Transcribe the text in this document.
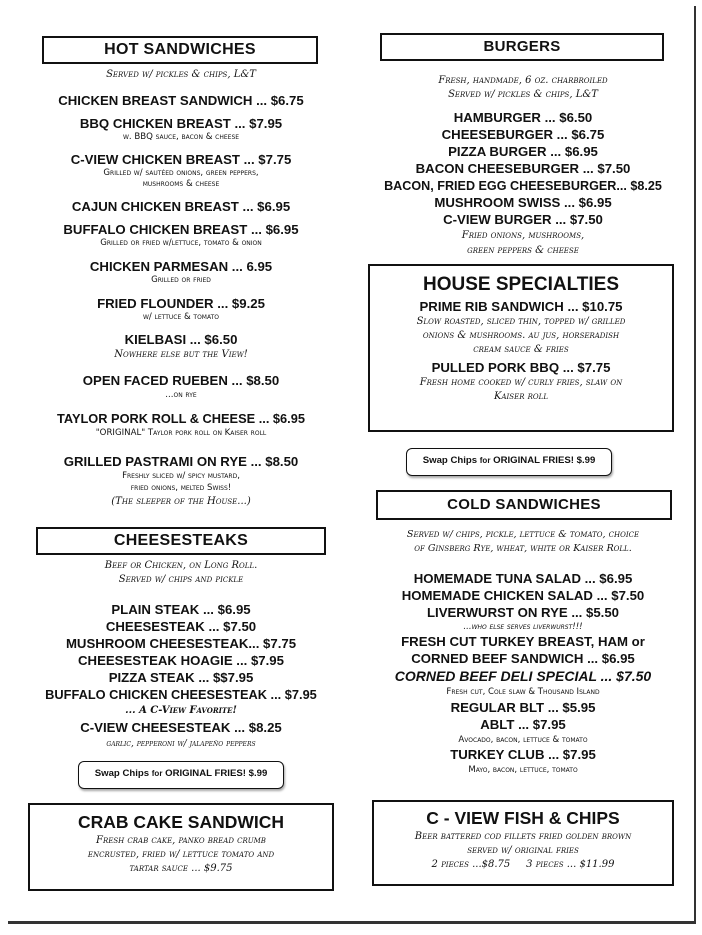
HOT SANDWICHES
Served w/ pickles & chips, L&T
CHICKEN BREAST SANDWICH ... $6.75
BBQ CHICKEN BREAST ... $7.95
w. BBQ sauce, bacon & cheese
C-VIEW CHICKEN BREAST ... $7.75
Grilled w/ sautéed onions, green peppers,
mushrooms & cheese
CAJUN CHICKEN BREAST ... $6.95
BUFFALO CHICKEN BREAST ... $6.95
Grilled or fried w/lettuce, tomato & onion
CHICKEN PARMESAN ... 6.95
Grilled or fried
FRIED FLOUNDER ... $9.25
w/ lettuce & tomato
KIELBASI ... $6.50
Nowhere else but the View!
OPEN FACED RUEBEN ... $8.50
...on rye
TAYLOR PORK ROLL & CHEESE ... $6.95
"ORIGINAL" Taylor pork roll on Kaiser roll
GRILLED PASTRAMI ON RYE ... $8.50
Freshly sliced w/ spicy mustard,
fried onions, melted Swiss!
(The sleeper of the House...)
CHEESESTEAKS
Beef or Chicken, on Long Roll.
Served w/ chips and pickle
PLAIN STEAK ... $6.95
CHEESESTEAK ... $7.50
MUSHROOM CHEESESTEAK... $7.75
CHEESESTEAK HOAGIE ... $7.95
PIZZA STEAK ... $$7.95
BUFFALO CHICKEN CHEESESTEAK ... $7.95
... A C-View Favorite!
C-VIEW CHEESESTEAK ... $8.25
garlic, pepperoni w/ jalapeño peppers
Swap Chips for ORIGINAL FRIES! $.99
CRAB CAKE SANDWICH
Fresh crab cake, panko bread crumb
encrusted, fried w/ lettuce tomato and
tartar sauce ... $9.75
BURGERS
Fresh, handmade, 6 oz. charbroiled
Served w/ pickles & chips, L&T
HAMBURGER ... $6.50
CHEESEBURGER ... $6.75
PIZZA BURGER ... $6.95
BACON CHEESEBURGER ... $7.50
BACON, FRIED EGG CHEESEBURGER... $8.25
MUSHROOM SWISS ... $6.95
C-VIEW BURGER ... $7.50
Fried onions, mushrooms,
green peppers & cheese
HOUSE SPECIALTIES
PRIME RIB SANDWICH ... $10.75
Slow roasted, sliced thin, topped w/ grilled
onions & mushrooms. au jus, horseradish
cream sauce & fries
PULLED PORK BBQ ... $7.75
Fresh home cooked w/ curly fries, slaw on
Kaiser roll
Swap Chips for ORIGINAL FRIES! $.99
COLD SANDWICHES
Served w/ chips, pickle, lettuce & tomato, choice
of Ginsberg Rye, wheat, white or Kaiser Roll.
HOMEMADE TUNA SALAD ... $6.95
HOMEMADE CHICKEN SALAD ... $7.50
LIVERWURST ON RYE ... $5.50
...who else serves liverwurst!!!
FRESH CUT TURKEY BREAST, HAM or
CORNED BEEF SANDWICH ... $6.95
CORNED BEEF DELI SPECIAL ... $7.50
Fresh cut, Cole slaw & Thousand Island
REGULAR BLT ... $5.95
ABLT ... $7.95
Avocado, bacon, lettuce & tomato
TURKEY CLUB ... $7.95
Mayo, bacon, lettuce, tomato
C - VIEW FISH & CHIPS
Beer battered cod fillets fried golden brown
served w/ original fries
2 pieces ...$8.75     3 pieces ... $11.99
